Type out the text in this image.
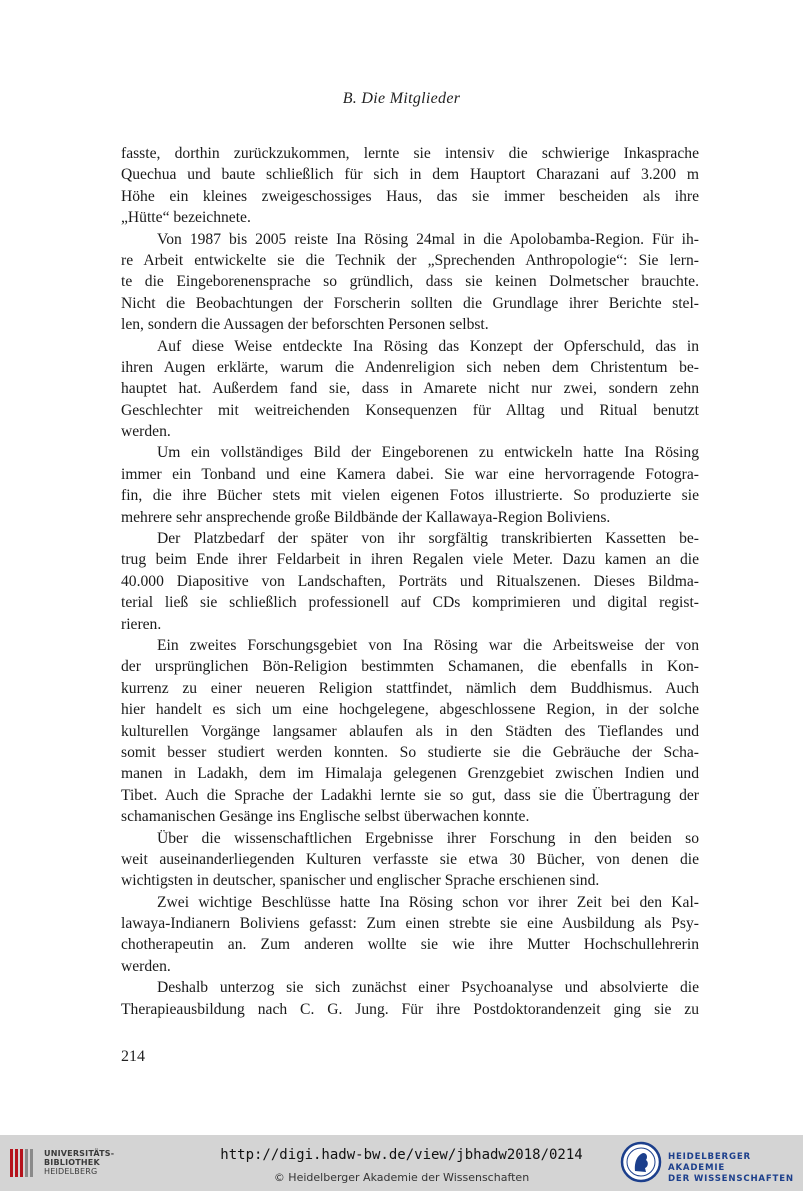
B. Die Mitglieder
fasste, dorthin zurückzukommen, lernte sie intensiv die schwierige Inkasprache
Quechua und baute schließlich für sich in dem Hauptort Charazani auf 3.200 m
Höhe ein kleines zweigeschossiges Haus, das sie immer bescheiden als ihre
„Hütte“ bezeichnete.
Von 1987 bis 2005 reiste Ina Rösing 24mal in die Apolobamba-Region. Für ih-
re Arbeit entwickelte sie die Technik der „Sprechenden Anthropologie“: Sie lern-
te die Eingeborenensprache so gründlich, dass sie keinen Dolmetscher brauchte.
Nicht die Beobachtungen der Forscherin sollten die Grundlage ihrer Berichte stel-
len, sondern die Aussagen der beforschten Personen selbst.
Auf diese Weise entdeckte Ina Rösing das Konzept der Opferschuld, das in
ihren Augen erklärte, warum die Andenreligion sich neben dem Christentum be-
hauptet hat. Außerdem fand sie, dass in Amarete nicht nur zwei, sondern zehn
Geschlechter mit weitreichenden Konsequenzen für Alltag und Ritual benutzt
werden.
Um ein vollständiges Bild der Eingeborenen zu entwickeln hatte Ina Rösing
immer ein Tonband und eine Kamera dabei. Sie war eine hervorragende Fotogra-
fin, die ihre Bücher stets mit vielen eigenen Fotos illustrierte. So produzierte sie
mehrere sehr ansprechende große Bildbände der Kallawaya-Region Boliviens.
Der Platzbedarf der später von ihr sorgfältig transkribierten Kassetten be-
trug beim Ende ihrer Feldarbeit in ihren Regalen viele Meter. Dazu kamen an die
40.000 Diapositive von Landschaften, Porträts und Ritualszenen. Dieses Bildma-
terial ließ sie schließlich professionell auf CDs komprimieren und digital regist-
rieren.
Ein zweites Forschungsgebiet von Ina Rösing war die Arbeitsweise der von
der ursprünglichen Bön-Religion bestimmten Schamanen, die ebenfalls in Kon-
kurrenz zu einer neueren Religion stattfindet, nämlich dem Buddhismus. Auch
hier handelt es sich um eine hochgelegene, abgeschlossene Region, in der solche
kulturellen Vorgänge langsamer ablaufen als in den Städten des Tieflandes und
somit besser studiert werden konnten. So studierte sie die Gebräuche der Scha-
manen in Ladakh, dem im Himalaja gelegenen Grenzgebiet zwischen Indien und
Tibet. Auch die Sprache der Ladakhi lernte sie so gut, dass sie die Übertragung der
schamanischen Gesänge ins Englische selbst überwachen konnte.
Über die wissenschaftlichen Ergebnisse ihrer Forschung in den beiden so
weit auseinanderliegenden Kulturen verfasste sie etwa 30 Bücher, von denen die
wichtigsten in deutscher, spanischer und englischer Sprache erschienen sind.
Zwei wichtige Beschlüsse hatte Ina Rösing schon vor ihrer Zeit bei den Kal-
lawaya-Indianern Boliviens gefasst: Zum einen strebte sie eine Ausbildung als Psy-
chotherapeutin an. Zum anderen wollte sie wie ihre Mutter Hochschullehrerin
werden.
Deshalb unterzog sie sich zunächst einer Psychoanalyse und absolvierte die
Therapieausbildung nach C. G. Jung. Für ihre Postdoktorandenzeit ging sie zu
214
UNIVERSITÄTS-
BIBLIOTHEK
HEIDELBERG
http://digi.hadw-bw.de/view/jbhadw2018/0214
© Heidelberger Akademie der Wissenschaften
HEIDELBERGER AKADEMIE
DER WISSENSCHAFTEN
